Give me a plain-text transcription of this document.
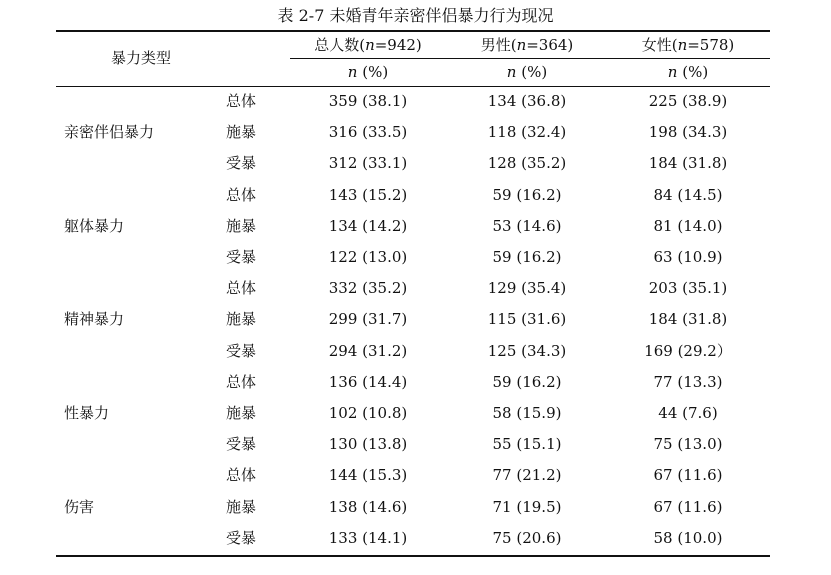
表 2-7 未婚青年亲密伴侣暴力行为现况
暴力类型
总人数(n=942)	男性(n=364)	女性(n=578)
n (%)	n (%)	n (%)
亲密伴侣暴力
总体	359 (38.1)	134 (36.8)	225 (38.9)
施暴	316 (33.5)	118 (32.4)	198 (34.3)
受暴	312 (33.1)	128 (35.2)	184 (31.8)
躯体暴力
总体	143 (15.2)	59 (16.2)	84 (14.5)
施暴	134 (14.2)	53 (14.6)	81 (14.0)
受暴	122 (13.0)	59 (16.2)	63 (10.9)
精神暴力
总体	332 (35.2)	129 (35.4)	203 (35.1)
施暴	299 (31.7)	115 (31.6)	184 (31.8)
受暴	294 (31.2)	125 (34.3)	169 (29.2）
性暴力
总体	136 (14.4)	59 (16.2)	77 (13.3)
施暴	102 (10.8)	58 (15.9)	44 (7.6)
受暴	130 (13.8)	55 (15.1)	75 (13.0)
伤害
总体	144 (15.3)	77 (21.2)	67 (11.6)
施暴	138 (14.6)	71 (19.5)	67 (11.6)
受暴	133 (14.1)	75 (20.6)	58 (10.0)
